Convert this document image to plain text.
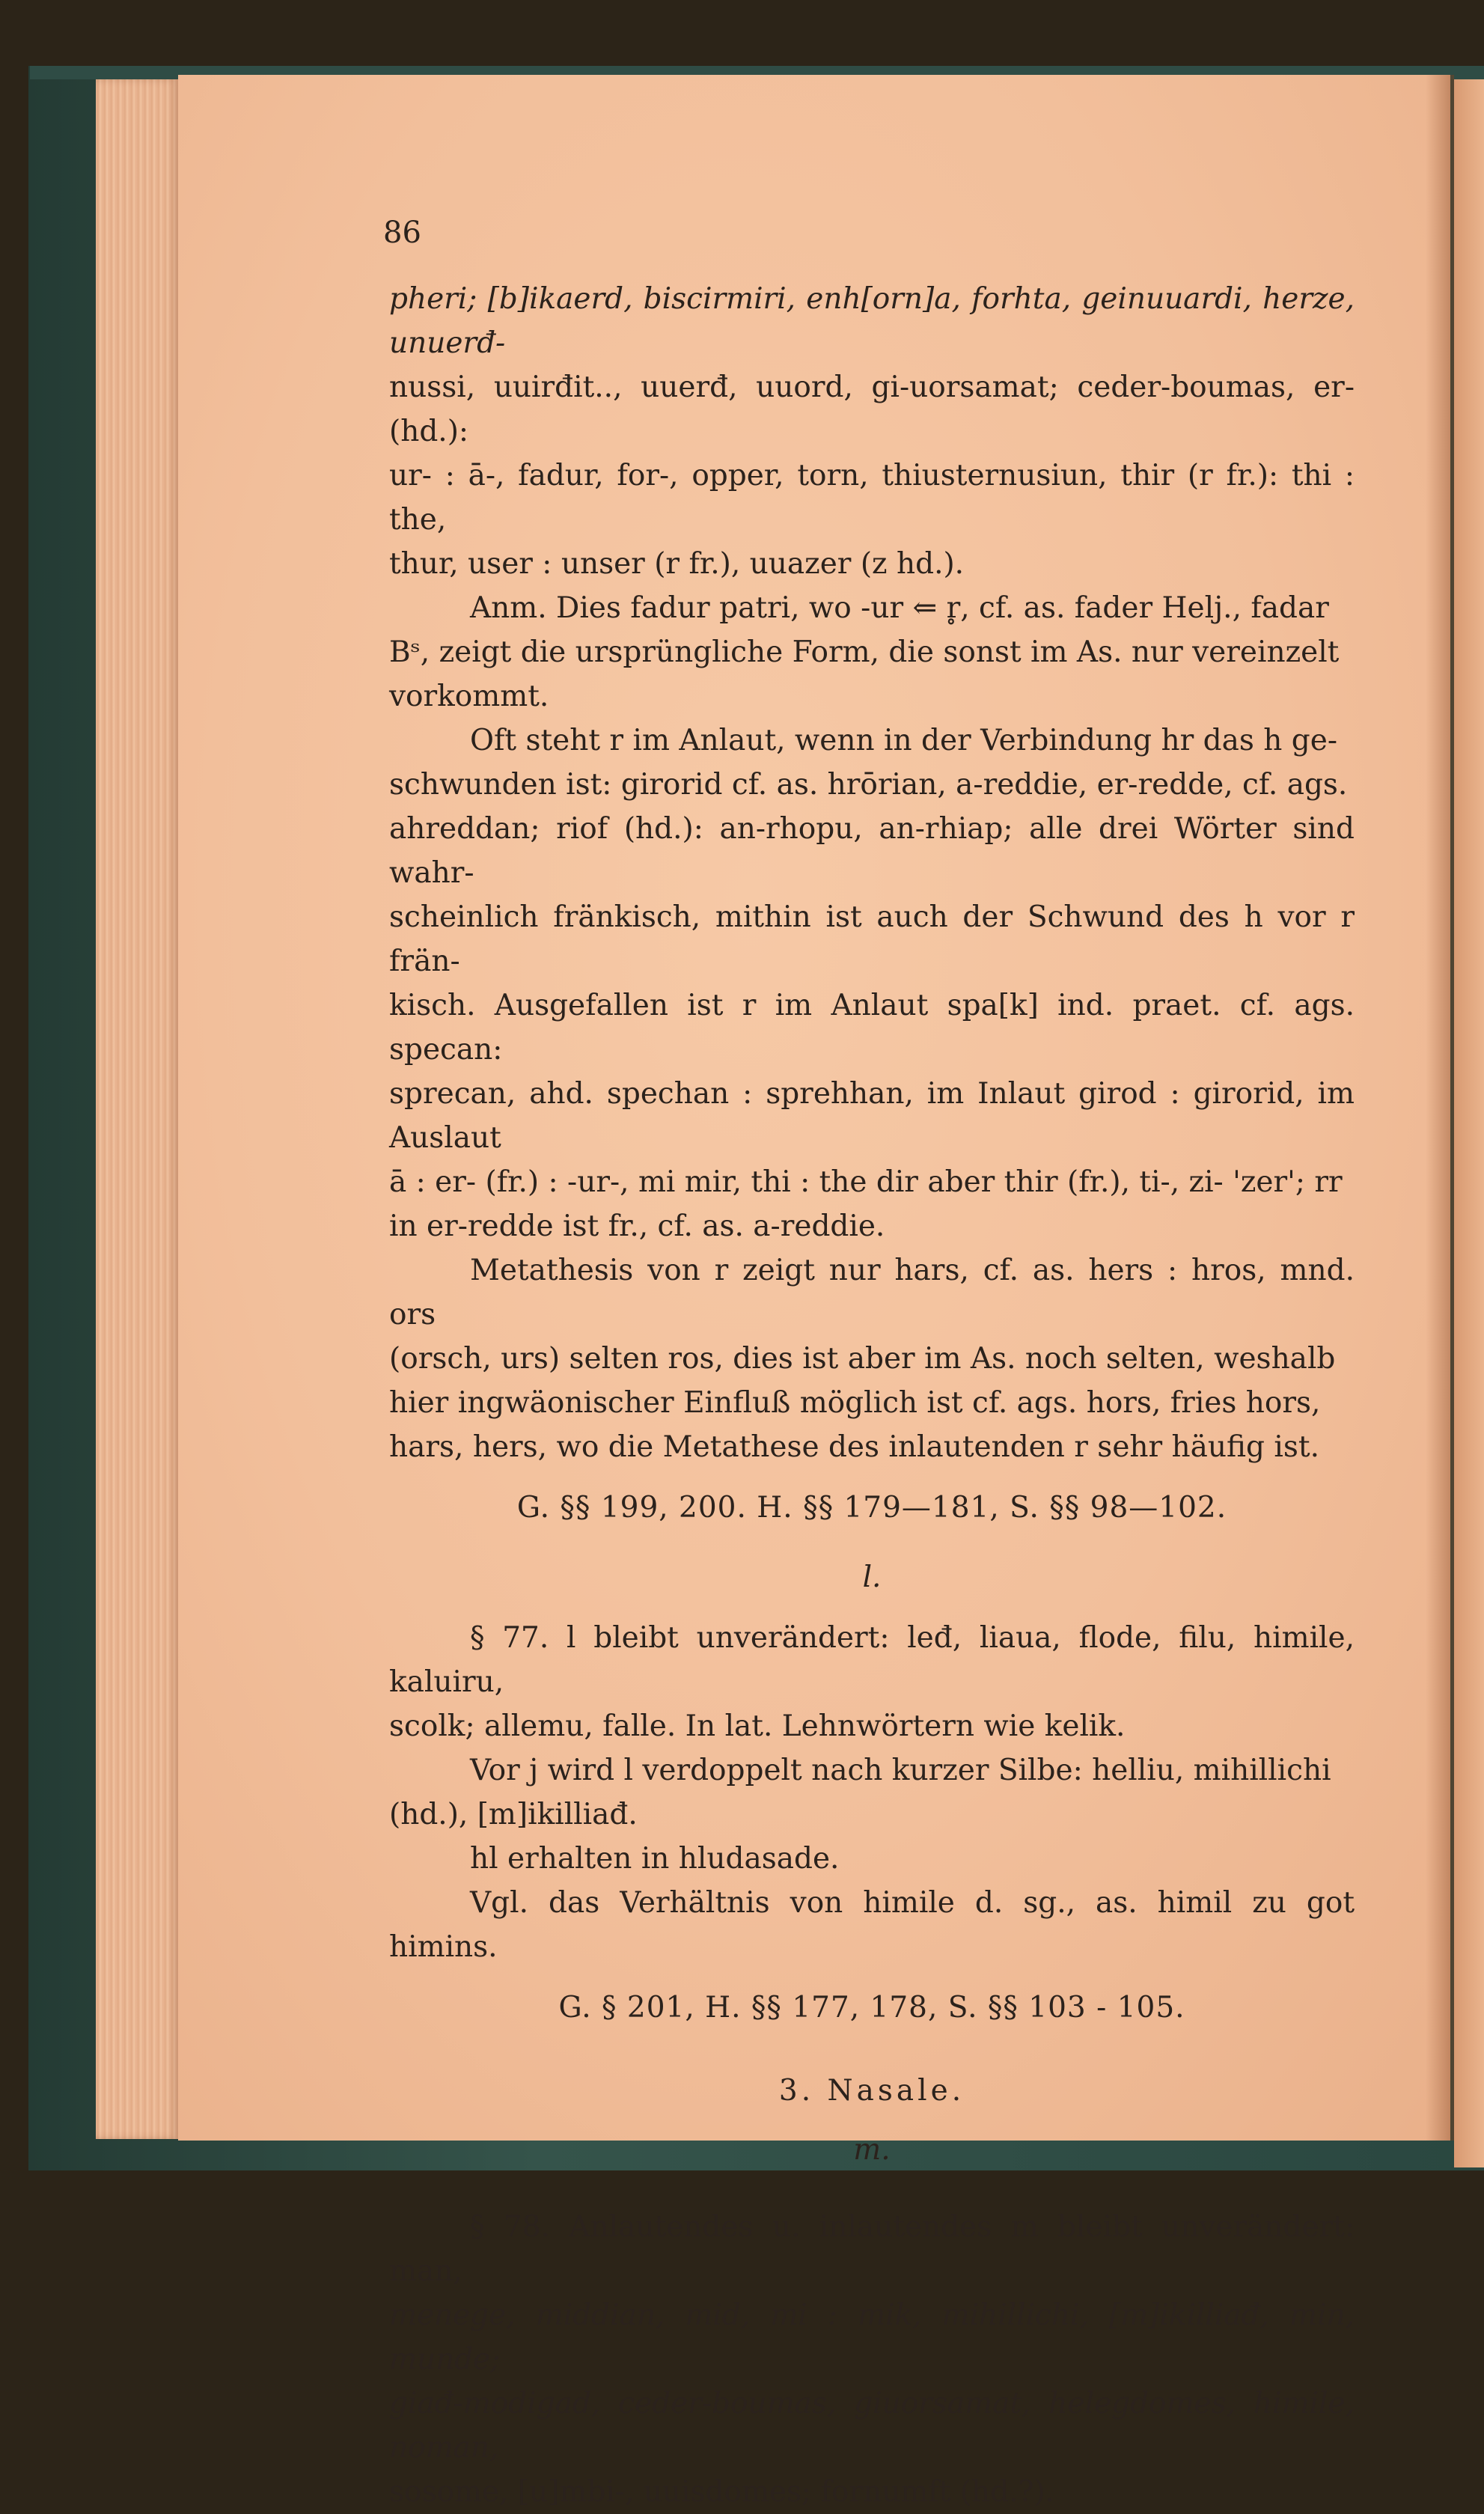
86

pheri; [b]ikaerd, biscirmiri, enh[orn]a, forhta, geinuuardi, herze, unuerđ-

nussi, uuirđit.., uuerđ, uuord, gi-uorsamat; ceder-boumas, er- (hd.):

ur- : ā-, fadur, for-, opper, torn, thiusternusiun, thir (r fr.): thi : the,

thur, user : unser (r fr.), uuazer (z hd.).

Anm. Dies fadur patri, wo -ur ⇐ r̥, cf. as. fader Helj., fadar

Bˢ, zeigt die ursprüngliche Form, die sonst im As. nur vereinzelt

vorkommt.

Oft steht r im Anlaut, wenn in der Verbindung hr das h ge-

schwunden ist: girorid cf. as. hrōrian, a-reddie, er-redde, cf. ags.

ahreddan; riof (hd.): an-rhopu, an-rhiap; alle drei Wörter sind wahr-

scheinlich fränkisch, mithin ist auch der Schwund des h vor r frän-

kisch. Ausgefallen ist r im Anlaut spa[k] ind. praet. cf. ags. specan:

sprecan, ahd. spechan : sprehhan, im Inlaut girod : girorid, im Auslaut

ā : er- (fr.) : -ur-, mi mir, thi : the dir aber thir (fr.), ti-, zi- 'zer'; rr

in er-redde ist fr., cf. as. a-reddie.

Metathesis von r zeigt nur hars, cf. as. hers : hros, mnd. ors

(orsch, urs) selten ros, dies ist aber im As. noch selten, weshalb

hier ingwäonischer Einfluß möglich ist cf. ags. hors, fries hors,

hars, hers, wo die Metathese des inlautenden r sehr häufig ist.

G. §§ 199, 200. H. §§ 179—181, S. §§ 98—102.

l.

§ 77. l bleibt unverändert: leđ, liaua, flode, filu, himile, kaluiru,

scolk; allemu, falle. In lat. Lehnwörtern wie kelik.

Vor j wird l verdoppelt nach kurzer Silbe: helliu, mihillichi

(hd.), [m]ikilliađ.

hl erhalten in hludasade.

Vgl. das Verhältnis von himile d. sg., as. himil zu got himins.

G. § 201, H. §§ 177, 178, S. §§ 103 - 105.

3. Nasale.

m.

§ 78. Anlautendes u. inlautendes m bleibt unverändert: man,

menege, middian, mid, mi : mik, mihillichi, [m]ikilliađ, min, munde;

giađ-modigad, ceder-boumas, giuorsamat, helegdomes, himile, noman,

sosome, [u]mbi-, uuisdomes; fornumft (hd.?).
